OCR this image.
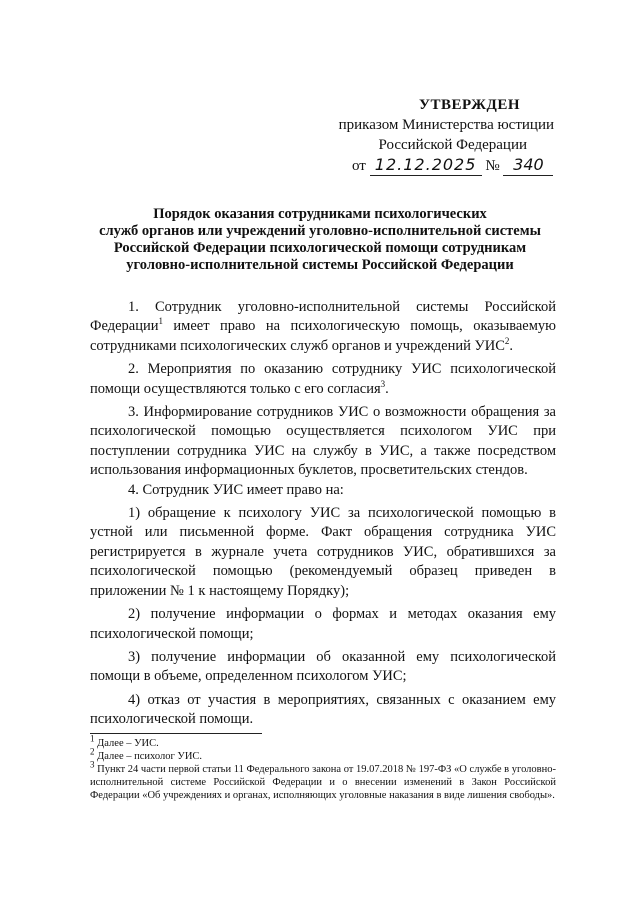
УТВЕРЖДЕН
приказом Министерства юстиции
Российской Федерации
от 12.12.2025 № 340
Порядок оказания сотрудниками психологических
служб органов или учреждений уголовно-исполнительной системы
Российской Федерации психологической помощи сотрудникам
уголовно-исполнительной системы Российской Федерации

1. Сотрудник уголовно-исполнительной системы Российской Федерации$^1$ имеет право на психологическую помощь, оказываемую сотрудниками психологических служб органов и учреждений УИС$^2$.

2. Мероприятия по оказанию сотруднику УИС психологической помощи осуществляются только с его согласия$^3$.

3. Информирование сотрудников УИС о возможности обращения за психологической помощью осуществляется психологом УИС при поступлении сотрудника УИС на службу в УИС, а также посредством использования информационных буклетов, просветительских стендов.

4. Сотрудник УИС имеет право на:

1) обращение к психологу УИС за психологической помощью в устной или письменной форме. Факт обращения сотрудника УИС регистрируется в журнале учета сотрудников УИС, обратившихся за психологической помощью (рекомендуемый образец приведен в приложении № 1 к настоящему Порядку);

2) получение информации о формах и методах оказания ему психологической помощи;

3) получение информации об оказанной ему психологической помощи в объеме, определенном психологом УИС;

4) отказ от участия в мероприятиях, связанных с оказанием ему психологической помощи.

$^1$ Далее – УИС.
$^2$ Далее – психолог УИС.
$^3$ Пункт 24 части первой статьи 11 Федерального закона от 19.07.2018 № 197-ФЗ «О службе в уголовно-исполнительной системе Российской Федерации и о внесении изменений в Закон Российской Федерации «Об учреждениях и органах, исполняющих уголовные наказания в виде лишения свободы».
